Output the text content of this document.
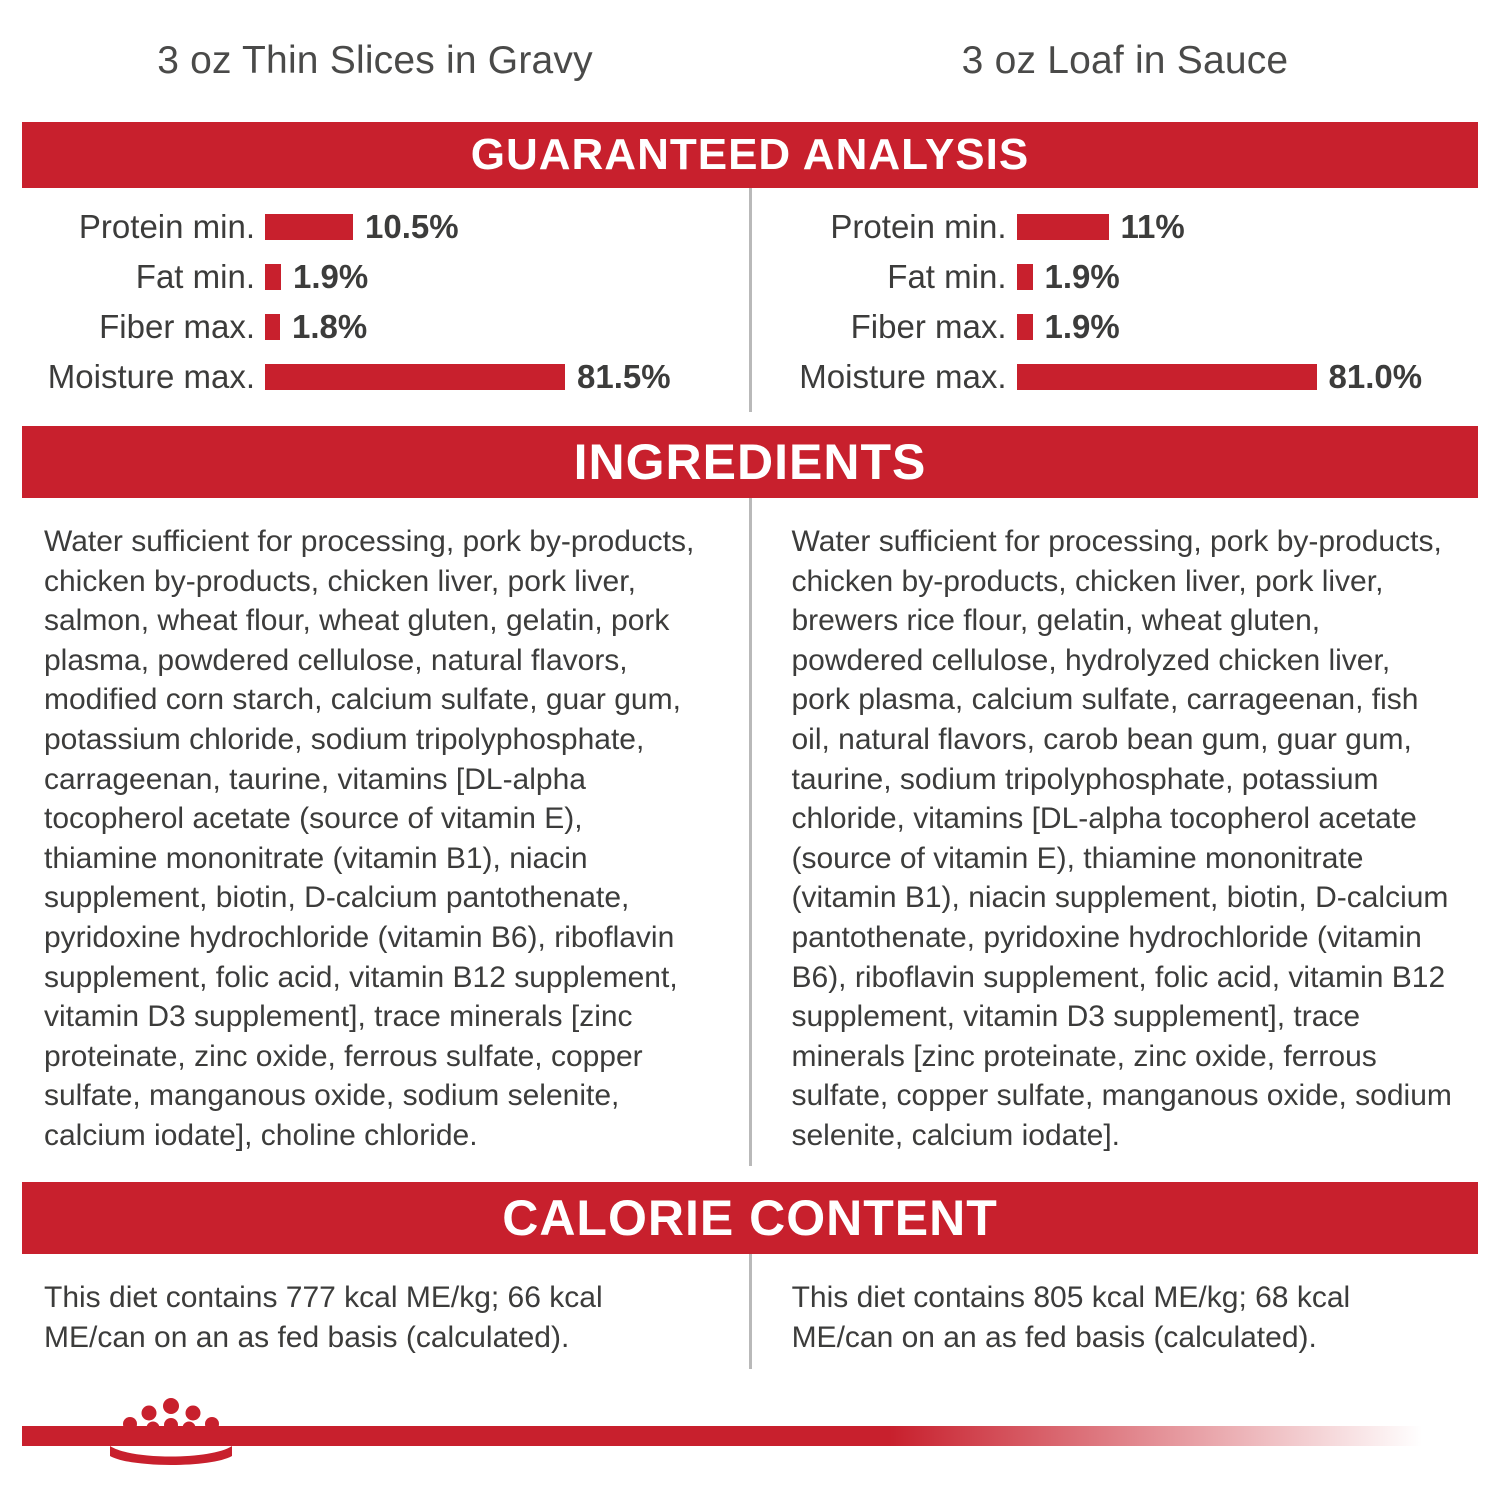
3 oz Thin Slices in Gravy	3 oz Loaf in Sauce
GUARANTEED ANALYSIS
Protein min.	10.5%
Fat min.	1.9%
Fiber max.	1.8%
Moisture max.	81.5%
Protein min.	11%
Fat min.	1.9%
Fiber max.	1.9%
Moisture max.	81.0%
INGREDIENTS
Water sufficient for processing, pork by-products, chicken by-products, chicken liver, pork liver, salmon, wheat flour, wheat gluten, gelatin, pork plasma, powdered cellulose, natural flavors, modified corn starch, calcium sulfate, guar gum, potassium chloride, sodium tripolyphosphate, carrageenan, taurine, vitamins [DL-alpha tocopherol acetate (source of vitamin E), thiamine mononitrate (vitamin B1), niacin supplement, biotin, D-calcium pantothenate, pyridoxine hydrochloride (vitamin B6), riboflavin supplement, folic acid, vitamin B12 supplement, vitamin D3 supplement], trace minerals [zinc proteinate, zinc oxide, ferrous sulfate, copper sulfate, manganous oxide, sodium selenite, calcium iodate], choline chloride.
Water sufficient for processing, pork by-products, chicken by-products, chicken liver, pork liver, brewers rice flour, gelatin, wheat gluten, powdered cellulose, hydrolyzed chicken liver, pork plasma, calcium sulfate, carrageenan, fish oil, natural flavors, carob bean gum, guar gum, taurine, sodium tripolyphosphate, potassium chloride, vitamins [DL-alpha tocopherol acetate (source of vitamin E), thiamine mononitrate (vitamin B1), niacin supplement, biotin, D-calcium pantothenate, pyridoxine hydrochloride (vitamin B6), riboflavin supplement, folic acid, vitamin B12 supplement, vitamin D3 supplement], trace minerals [zinc proteinate, zinc oxide, ferrous sulfate, copper sulfate, manganous oxide, sodium selenite, calcium iodate].
CALORIE CONTENT
This diet contains 777 kcal ME/kg; 66 kcal ME/can on an as fed basis (calculated).
This diet contains 805 kcal ME/kg; 68 kcal ME/can on an as fed basis (calculated).
